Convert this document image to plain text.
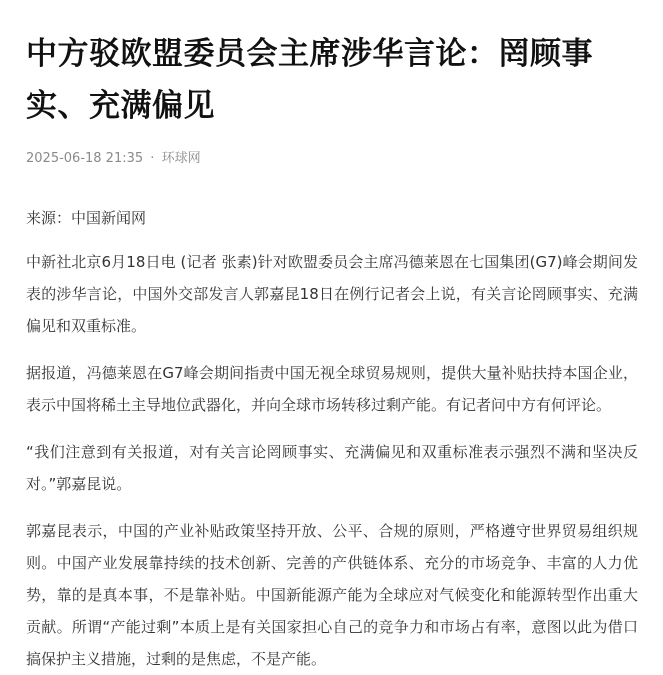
中方驳欧盟委员会主席涉华言论：罔顾事实、充满偏见
2025-06-18 21:35 · 环球网
来源：中国新闻网

中新社北京6月18日电 (记者 张素)针对欧盟委员会主席冯德莱恩在七国集团(G7)峰会期间发表的涉华言论，中国外交部发言人郭嘉昆18日在例行记者会上说，有关言论罔顾事实、充满偏见和双重标准。

据报道，冯德莱恩在G7峰会期间指责中国无视全球贸易规则，提供大量补贴扶持本国企业，表示中国将稀土主导地位武器化，并向全球市场转移过剩产能。有记者问中方有何评论。

“我们注意到有关报道，对有关言论罔顾事实、充满偏见和双重标准表示强烈不满和坚决反对。”郭嘉昆说。

郭嘉昆表示，中国的产业补贴政策坚持开放、公平、合规的原则，严格遵守世界贸易组织规则。中国产业发展靠持续的技术创新、完善的产供链体系、充分的市场竞争、丰富的人力优势，靠的是真本事，不是靠补贴。中国新能源产能为全球应对气候变化和能源转型作出重大贡献。所谓“产能过剩”本质上是有关国家担心自己的竞争力和市场占有率，意图以此为借口搞保护主义措施，过剩的是焦虑，不是产能。
